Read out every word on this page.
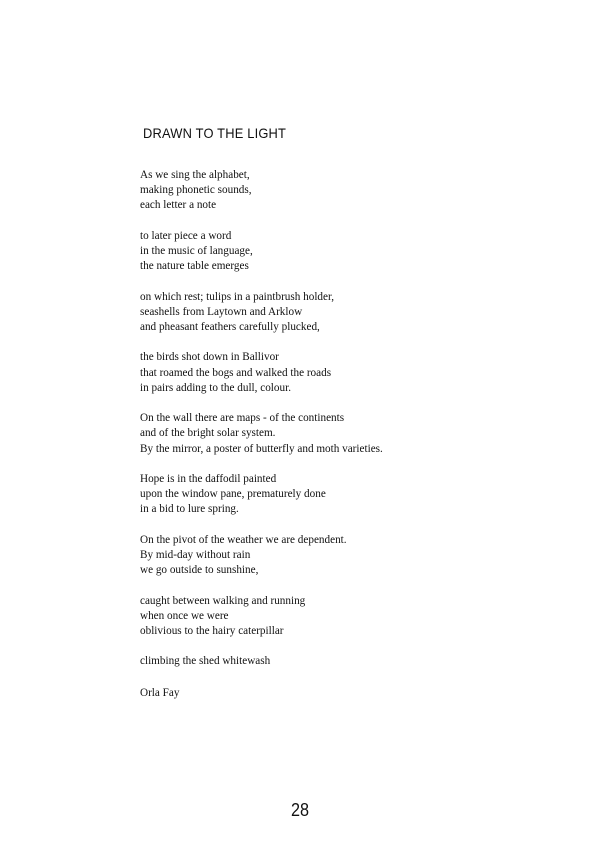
DRAWN TO THE LIGHT
As we sing the alphabet,
making phonetic sounds,
each letter a note
to later piece a word
in the music of language,
the nature table emerges
on which rest; tulips in a paintbrush holder,
seashells from Laytown and Arklow
and pheasant feathers carefully plucked,
the birds shot down in Ballivor
that roamed the bogs and walked the roads
in pairs adding to the dull, colour.
On the wall there are maps - of the continents
and of the bright solar system.
By the mirror, a poster of butterfly and moth varieties.
Hope is in the daffodil painted
upon the window pane, prematurely done
in a bid to lure spring.
On the pivot of the weather we are dependent.
By mid-day without rain
we go outside to sunshine,
caught between walking and running
when once we were
oblivious to the hairy caterpillar
climbing the shed whitewash
Orla Fay
28
